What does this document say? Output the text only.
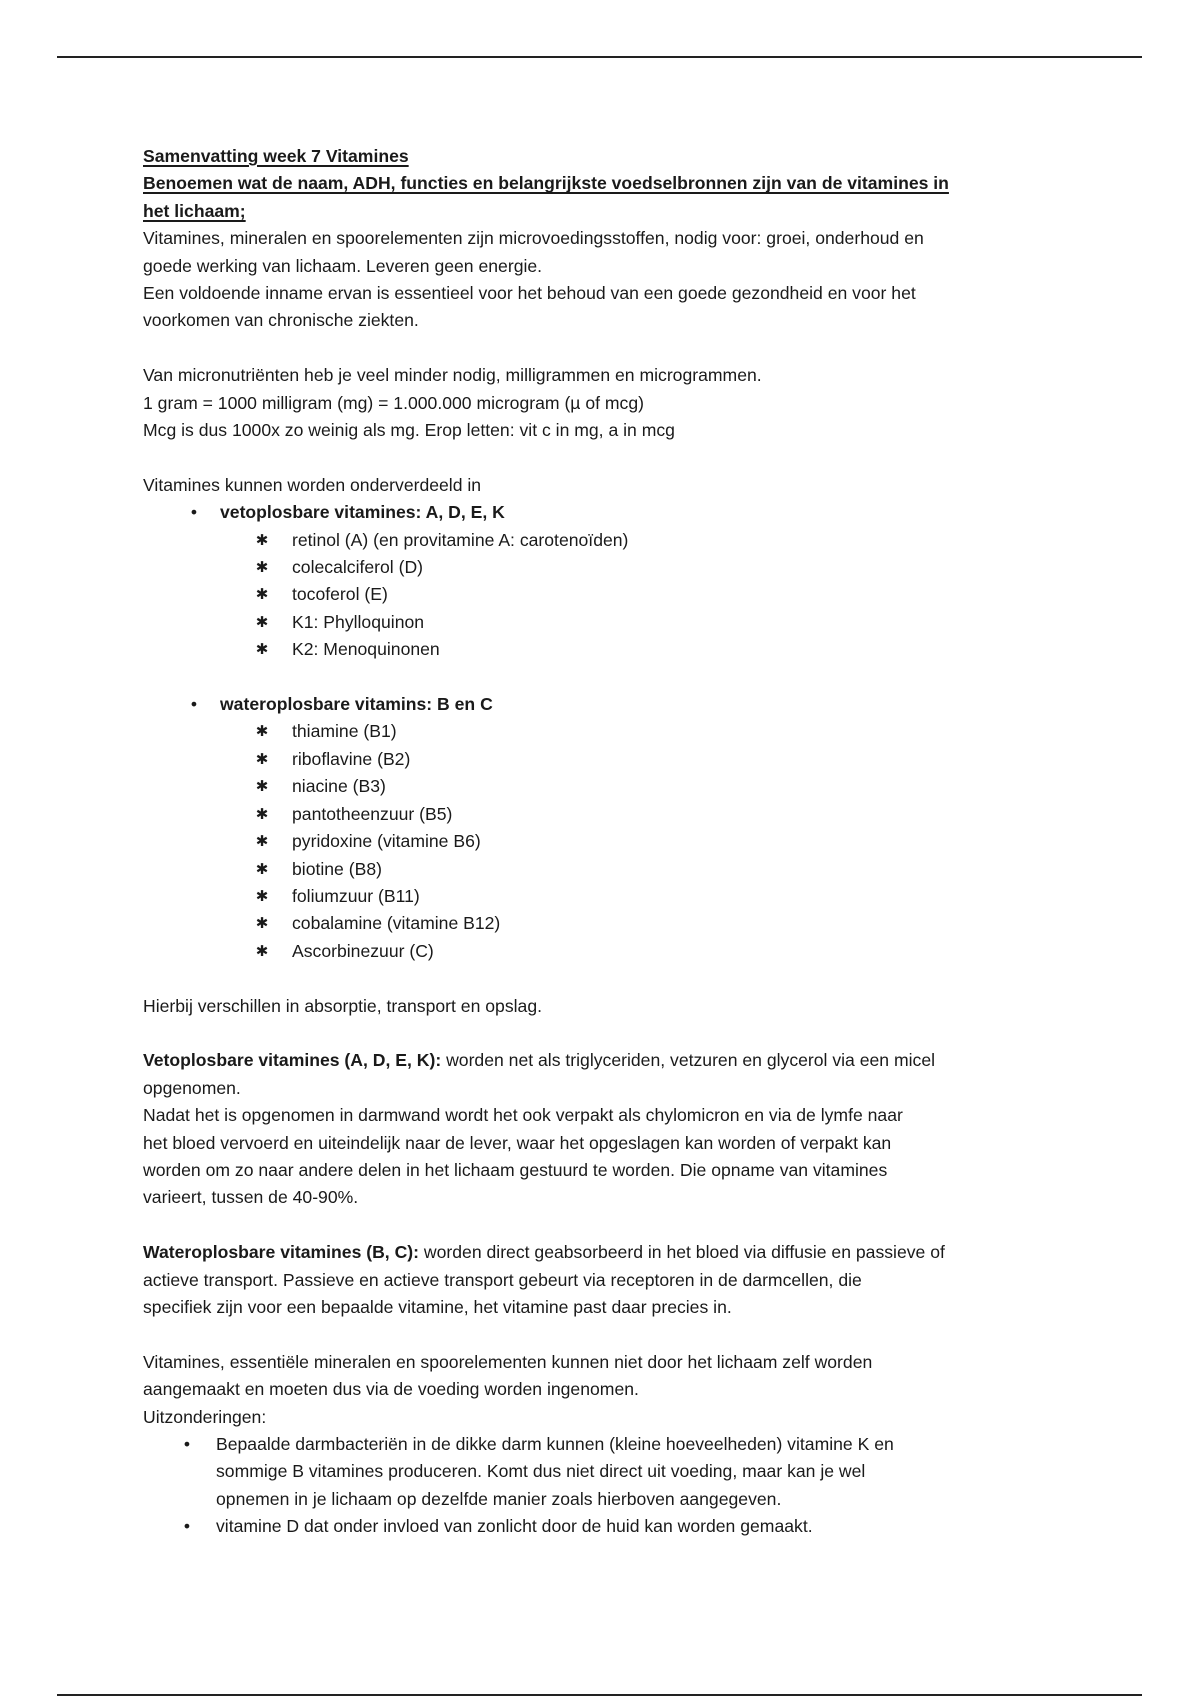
Samenvatting week 7 Vitamines

Benoemen wat de naam, ADH, functies en belangrijkste voedselbronnen zijn van de vitamines in

het lichaam;

Vitamines, mineralen en spoorelementen zijn microvoedingsstoffen, nodig voor: groei, onderhoud en

goede werking van lichaam. Leveren geen energie.

Een voldoende inname ervan is essentieel voor het behoud van een goede gezondheid en voor het

voorkomen van chronische ziekten.

Van micronutriënten heb je veel minder nodig, milligrammen en microgrammen.

1 gram = 1000 milligram (mg) = 1.000.000 microgram (µ of mcg)

Mcg is dus 1000x zo weinig als mg. Erop letten: vit c in mg, a in mcg

Vitamines kunnen worden onderverdeeld in

•	vetoplosbare vitamines: A, D, E, K
✱ retinol (A) (en provitamine A: carotenoïden)
✱ colecalciferol (D)
✱ tocoferol (E)
✱ K1: Phylloquinon
✱ K2: Menoquinonen
•	wateroplosbare vitamins: B en C
✱ thiamine (B1)
✱ riboflavine (B2)
✱ niacine (B3)
✱ pantotheenzuur (B5)
✱ pyridoxine (vitamine B6)
✱ biotine (B8)
✱ foliumzuur (B11)
✱ cobalamine (vitamine B12)
✱ Ascorbinezuur (C)

Hierbij verschillen in absorptie, transport en opslag.

Vetoplosbare vitamines (A, D, E, K): worden net als triglyceriden, vetzuren en glycerol via een micel

opgenomen.

Nadat het is opgenomen in darmwand wordt het ook verpakt als chylomicron en via de lymfe naar

het bloed vervoerd en uiteindelijk naar de lever, waar het opgeslagen kan worden of verpakt kan

worden om zo naar andere delen in het lichaam gestuurd te worden. Die opname van vitamines

varieert, tussen de 40-90%.

Wateroplosbare vitamines (B, C): worden direct geabsorbeerd in het bloed via diffusie en passieve of

actieve transport. Passieve en actieve transport gebeurt via receptoren in de darmcellen, die

specifiek zijn voor een bepaalde vitamine, het vitamine past daar precies in.

Vitamines, essentiële mineralen en spoorelementen kunnen niet door het lichaam zelf worden

aangemaakt en moeten dus via de voeding worden ingenomen.

Uitzonderingen:

•	Bepaalde darmbacteriën in de dikke darm kunnen (kleine hoeveelheden) vitamine K en
sommige B vitamines produceren. Komt dus niet direct uit voeding, maar kan je wel
opnemen in je lichaam op dezelfde manier zoals hierboven aangegeven.
•	vitamine D dat onder invloed van zonlicht door de huid kan worden gemaakt.
